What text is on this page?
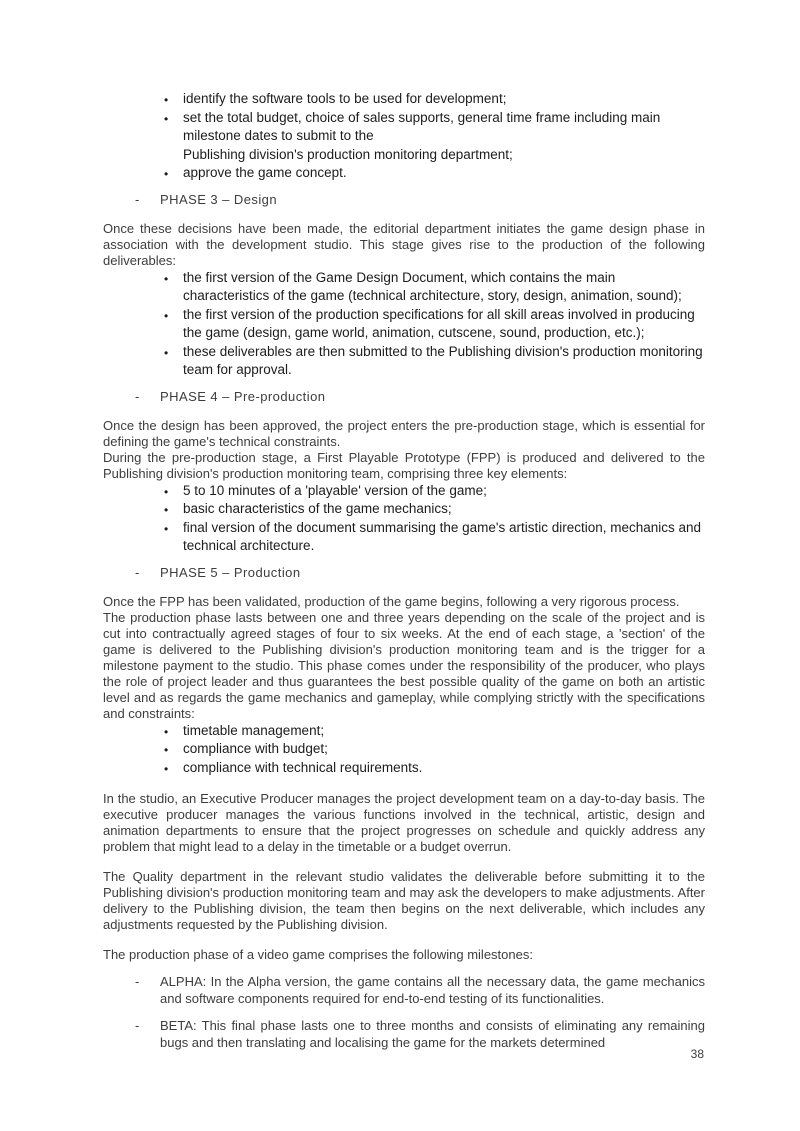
• identify the software tools to be used for development;
• set the total budget, choice of sales supports, general time frame including main milestone dates to submit to the
Publishing division's production monitoring department;
• approve the game concept.
- PHASE 3 – Design

Once these decisions have been made, the editorial department initiates the game design phase in association with the development studio. This stage gives rise to the production of the following deliverables:

• the first version of the Game Design Document, which contains the main characteristics of the game (technical architecture, story, design, animation, sound);
• the first version of the production specifications for all skill areas involved in producing the game (design, game world, animation, cutscene, sound, production, etc.);
• these deliverables are then submitted to the Publishing division's production monitoring team for approval.
- PHASE 4 – Pre-production

Once the design has been approved, the project enters the pre-production stage, which is essential for defining the game's technical constraints.

During the pre-production stage, a First Playable Prototype (FPP) is produced and delivered to the Publishing division's production monitoring team, comprising three key elements:

• 5 to 10 minutes of a 'playable' version of the game;
• basic characteristics of the game mechanics;
• final version of the document summarising the game's artistic direction, mechanics and technical architecture.
- PHASE 5 – Production

Once the FPP has been validated, production of the game begins, following a very rigorous process.

The production phase lasts between one and three years depending on the scale of the project and is cut into contractually agreed stages of four to six weeks. At the end of each stage, a 'section' of the game is delivered to the Publishing division's production monitoring team and is the trigger for a milestone payment to the studio. This phase comes under the responsibility of the producer, who plays the role of project leader and thus guarantees the best possible quality of the game on both an artistic level and as regards the game mechanics and gameplay, while complying strictly with the specifications and constraints:

• timetable management;
• compliance with budget;
• compliance with technical requirements.

In the studio, an Executive Producer manages the project development team on a day-to-day basis. The executive producer manages the various functions involved in the technical, artistic, design and animation departments to ensure that the project progresses on schedule and quickly address any problem that might lead to a delay in the timetable or a budget overrun.

The Quality department in the relevant studio validates the deliverable before submitting it to the Publishing division's production monitoring team and may ask the developers to make adjustments. After delivery to the Publishing division, the team then begins on the next deliverable, which includes any adjustments requested by the Publishing division.

The production phase of a video game comprises the following milestones:

- ALPHA: In the Alpha version, the game contains all the necessary data, the game mechanics and software components required for end-to-end testing of its functionalities.
- BETA: This final phase lasts one to three months and consists of eliminating any remaining bugs and then translating and localising the game for the markets determined
38
